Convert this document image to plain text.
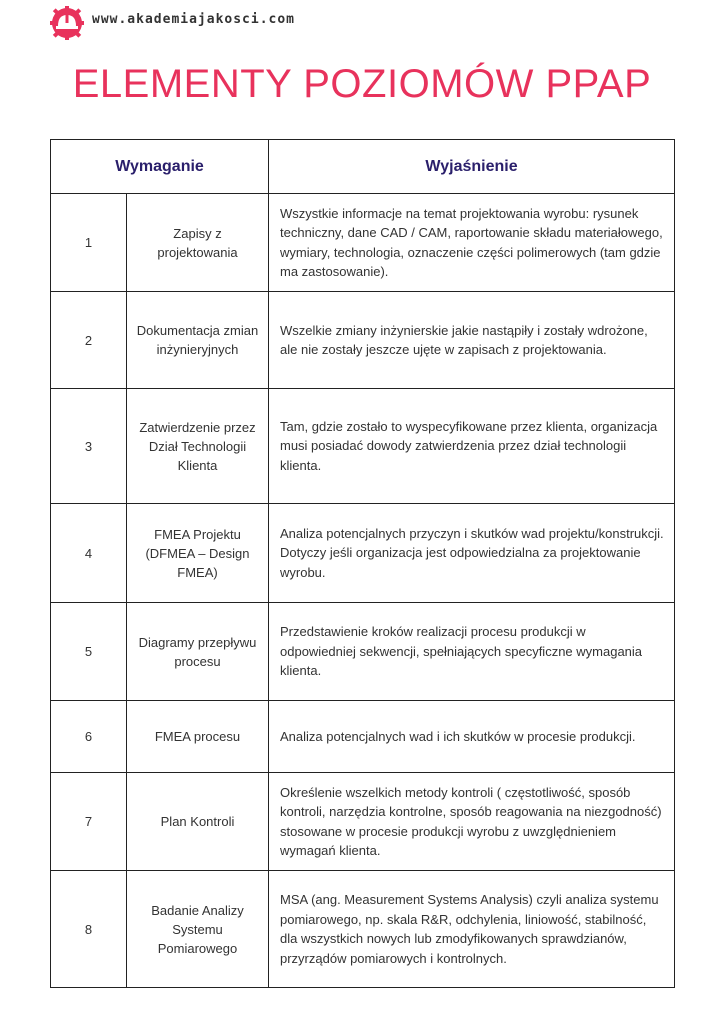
www.akademiajakosci.com
ELEMENTY POZIOMÓW PPAP
Wymaganie		Wyjaśnienie
1	Zapisy z projektowania	Wszystkie informacje na temat projektowania wyrobu: rysunek techniczny, dane CAD / CAM, raportowanie składu materiałowego, wymiary, technologia, oznaczenie części polimerowych (tam gdzie ma zastosowanie).
2	Dokumentacja zmian inżynieryjnych	Wszelkie zmiany inżynierskie jakie nastąpiły i zostały wdrożone, ale nie zostały jeszcze ujęte w zapisach z projektowania.
3	Zatwierdzenie przez Dział Technologii Klienta	Tam, gdzie zostało to wyspecyfikowane przez klienta, organizacja musi posiadać dowody zatwierdzenia przez dział technologii klienta.
4	FMEA Projektu (DFMEA – Design FMEA)	Analiza potencjalnych przyczyn i skutków wad projektu/konstrukcji. Dotyczy jeśli organizacja jest odpowiedzialna za projektowanie wyrobu.
5	Diagramy przepływu procesu	Przedstawienie kroków realizacji procesu produkcji w odpowiedniej sekwencji, spełniających specyficzne wymagania klienta.
6	FMEA procesu	Analiza potencjalnych wad i ich skutków w procesie produkcji.
7	Plan Kontroli	Określenie wszelkich metody kontroli ( częstotliwość, sposób kontroli, narzędzia kontrolne, sposób reagowania na niezgodność) stosowane w procesie produkcji wyrobu z uwzględnieniem wymagań klienta.
8	Badanie Analizy Systemu Pomiarowego	MSA (ang. Measurement Systems Analysis) czyli analiza systemu pomiarowego, np. skala R&R, odchylenia, liniowość, stabilność, dla wszystkich nowych lub zmodyfikowanych sprawdzianów, przyrządów pomiarowych i kontrolnych.
